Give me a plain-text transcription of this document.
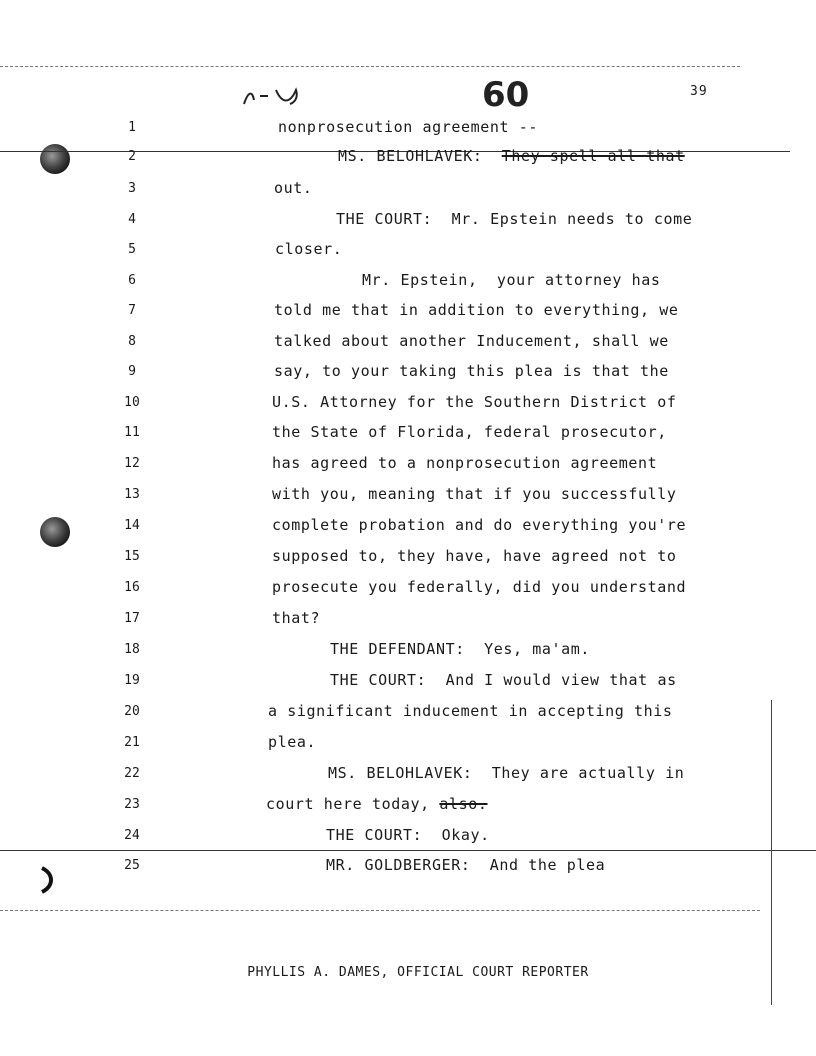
60	39
1	nonprosecution agreement --
2	MS. BELOHLAVEK:  They spell all that
3	out.
4	THE COURT:  Mr. Epstein needs to come
5	closer.
6	Mr. Epstein,  your attorney has
7	told me that in addition to everything, we
8	talked about another Inducement, shall we
9	say, to your taking this plea is that the
10	U.S. Attorney for the Southern District of
11	the State of Florida, federal prosecutor,
12	has agreed to a nonprosecution agreement
13	with you, meaning that if you successfully
14	complete probation and do everything you're
15	supposed to, they have, have agreed not to
16	prosecute you federally, did you understand
17	that?
18	THE DEFENDANT:  Yes, ma'am.
19	THE COURT:  And I would view that as
20	a significant inducement in accepting this
21	plea.
22	MS. BELOHLAVEK:  They are actually in
23	court here today, also.
24	THE COURT:  Okay.
25	MR. GOLDBERGER:  And the plea
PHYLLIS A. DAMES, OFFICIAL COURT REPORTER
